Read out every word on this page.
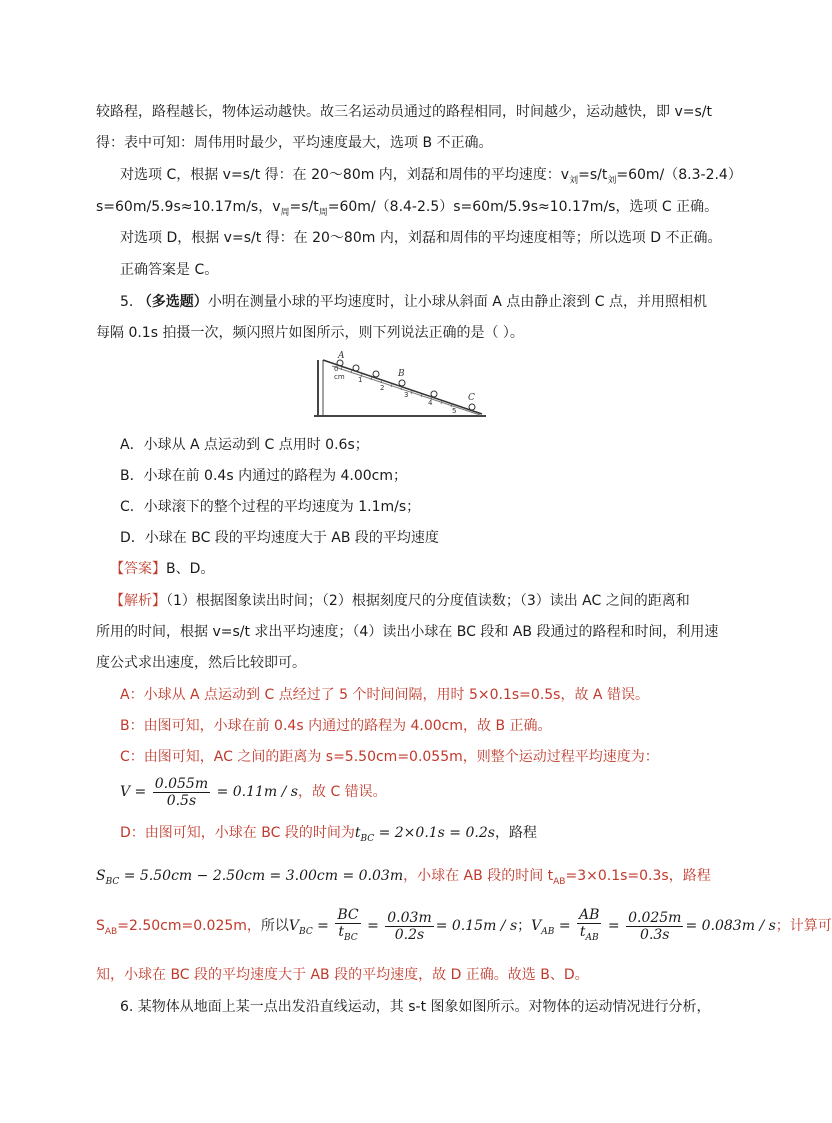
较路程，路程越长，物体运动越快。故三名运动员通过的路程相同，时间越少，运动越快，即 v=s/t
得：表中可知：周伟用时最少，平均速度最大，选项 B 不正确。
对选项 C，根据 v=s/t 得：在 20～80m 内，刘磊和周伟的平均速度：$v_刘=s/t_刘=60m/(8.3-2.4)$
s=60m/5.9s≈10.17m/s，$v_周=s/t_周=60m/(8.4-2.5)s=60m/5.9s\approx 10.17m/s$，选项 C 正确。
对选项 D，根据 v=s/t 得：在 20～80m 内，刘磊和周伟的平均速度相等；所以选项 D 不正确。
正确答案是 C。
5. （多选题）小明在测量小球的平均速度时，让小球从斜面 A 点由静止滚到 C 点，并用照相机
每隔 0.1s 拍摄一次，频闪照片如图所示，则下列说法正确的是（ ）。
A
B
C
0
cm 1
2
3
4
5
A．小球从 A 点运动到 C 点用时 0.6s；
B．小球在前 0.4s 内通过的路程为 4.00cm；
C．小球滚下的整个过程的平均速度为 1.1m/s；
D．小球在 BC 段的平均速度大于 AB 段的平均速度
【答案】B、D。
【解析】（1）根据图象读出时间；（2）根据刻度尺的分度值读数；（3）读出 AC 之间的距离和
所用的时间，根据 v=s/t 求出平均速度；（4）读出小球在 BC 段和 AB 段通过的路程和时间，利用速
度公式求出速度，然后比较即可。
A：小球从 A 点运动到 C 点经过了 5 个时间间隔，用时 5×0.1s=0.5s，故 A 错误。
B：由图可知，小球在前 0.4s 内通过的路程为 4.00cm，故 B 正确。
C：由图可知，AC 之间的距离为 s=5.50cm=0.055m，则整个运动过程平均速度为：
$V = \frac{0.055m}{0.5s} = 0.11m / s$，故 C 错误。
D：由图可知，小球在 BC 段的时间为$t_{BC} = 2\times 0.1s = 0.2s$，路程
$S_{BC} = 5.50cm - 2.50cm = 3.00cm = 0.03m$，小球在 AB 段的时间 $t_{AB}=3\times 0.1s=0.3s$，路程
$S_{AB}=2.50cm=0.025m$，所以$V_{BC} = \frac{BC}{t_{BC}} = \frac{0.03m}{0.2s} = 0.15m / s$；$V_{AB} = \frac{AB}{t_{AB}} = \frac{0.025m}{0.3s} = 0.083m / s$；计算可
知，小球在 BC 段的平均速度大于 AB 段的平均速度，故 D 正确。故选 B、D。
6. 某物体从地面上某一点出发沿直线运动，其 s-t 图象如图所示。对物体的运动情况进行分析，
